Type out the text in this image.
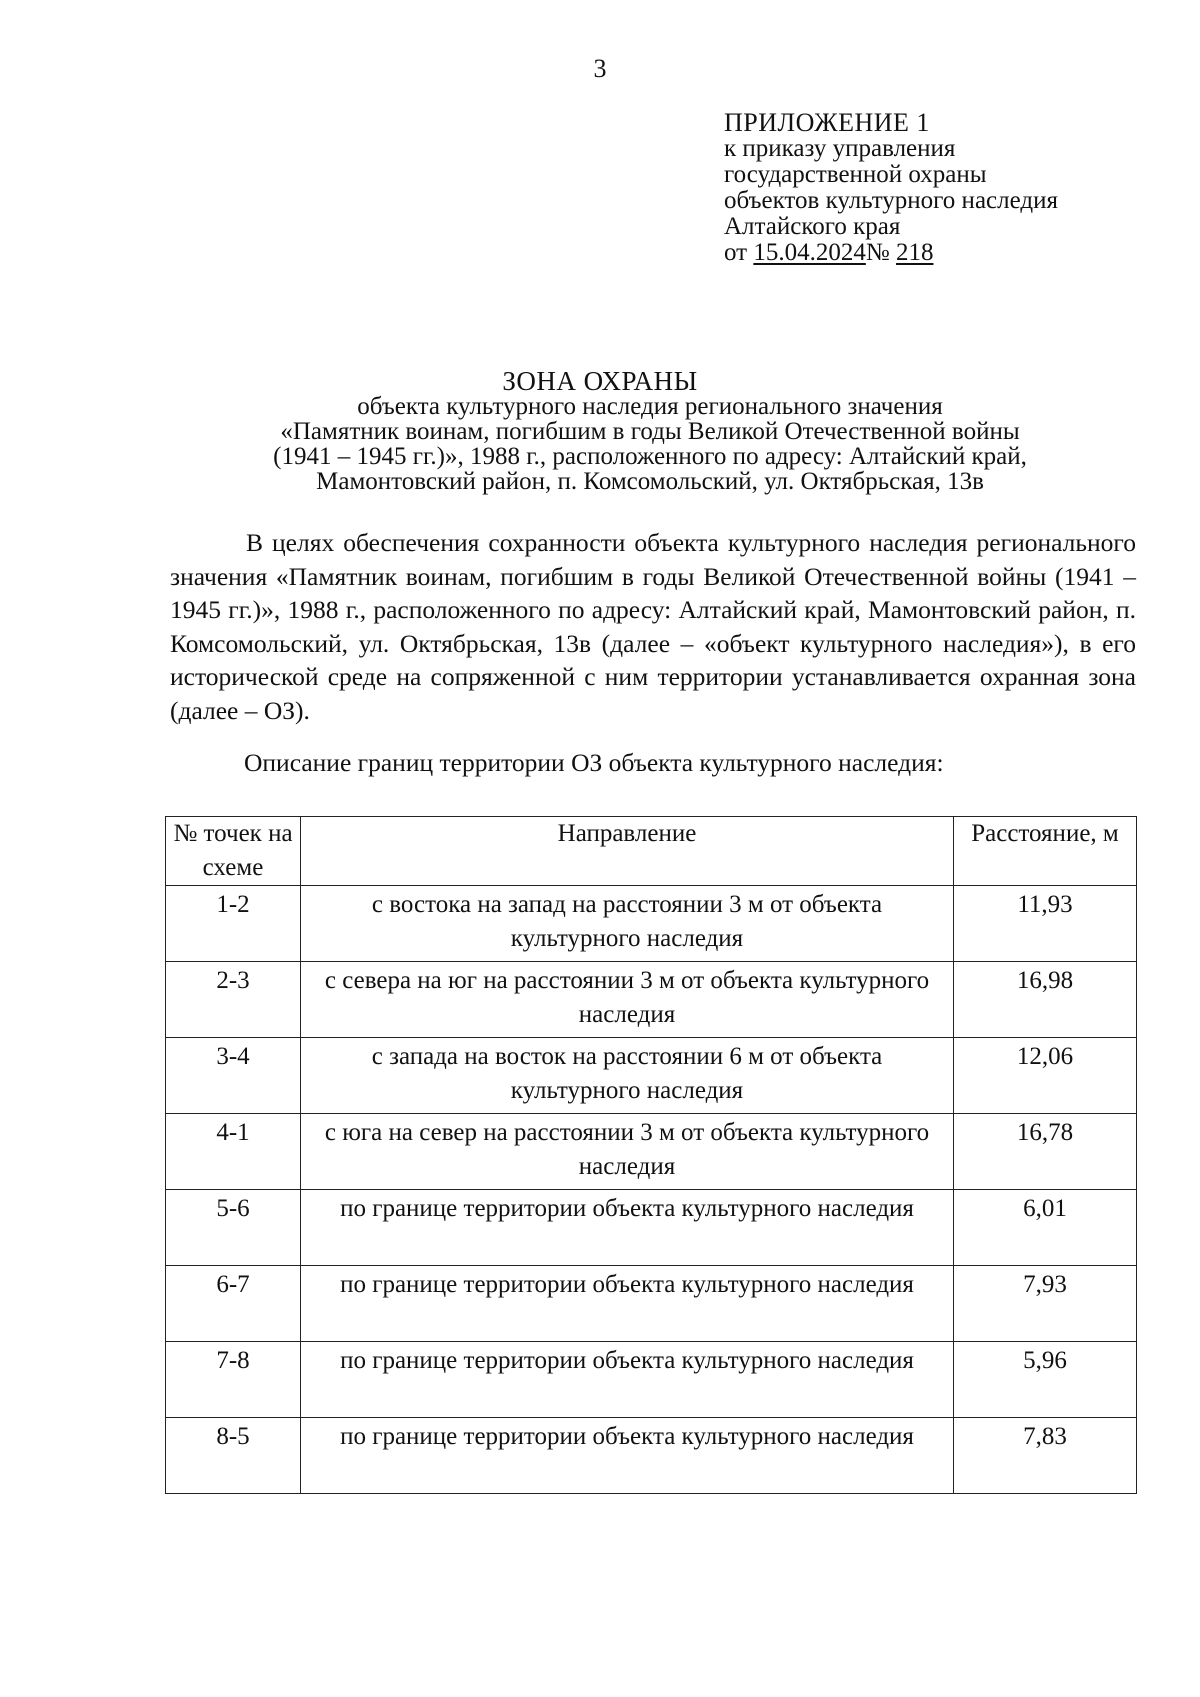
3
ПРИЛОЖЕНИЕ 1
к приказу управления
государственной охраны
объектов культурного наследия
Алтайского края
от 15.04.2024№ 218
ЗОНА ОХРАНЫ
объекта культурного наследия регионального значения
«Памятник воинам, погибшим в годы Великой Отечественной войны
(1941 – 1945 гг.)», 1988 г., расположенного по адресу: Алтайский край,
Мамонтовский район, п. Комсомольский, ул. Октябрьская, 13в

В целях обеспечения сохранности объекта культурного наследия регионального значения «Памятник воинам, погибшим в годы Великой Отечественной войны (1941 – 1945 гг.)», 1988 г., расположенного по адресу: Алтайский край, Мамонтовский район, п. Комсомольский, ул. Октябрьская, 13в (далее – «объект культурного наследия»), в его исторической среде на сопряженной с ним территории устанавливается охранная зона (далее – ОЗ).

Описание границ территории ОЗ объекта культурного наследия:
№ точек на схеме	Направление	Расстояние, м
1-2	с востока на запад на расстоянии 3 м от объекта культурного наследия	11,93
2-3	с севера на юг на расстоянии 3 м от объекта культурного наследия	16,98
3-4	с запада на восток на расстоянии 6 м от объекта культурного наследия	12,06
4-1	с юга на север на расстоянии 3 м от объекта культурного наследия	16,78
5-6	по границе территории объекта культурного наследия	6,01
6-7	по границе территории объекта культурного наследия	7,93
7-8	по границе территории объекта культурного наследия	5,96
8-5	по границе территории объекта культурного наследия	7,83
